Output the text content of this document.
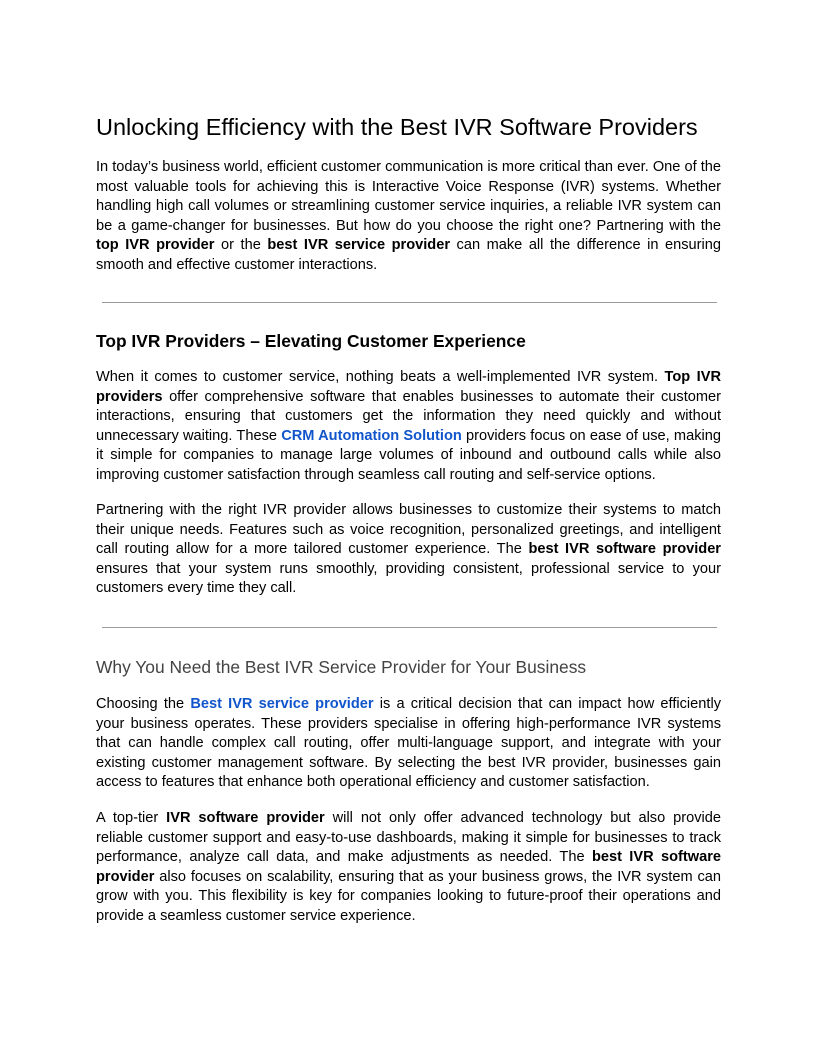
Unlocking Efficiency with the Best IVR Software Providers

In today’s business world, efficient customer communication is more critical than ever. One of the most valuable tools for achieving this is Interactive Voice Response (IVR) systems. Whether handling high call volumes or streamlining customer service inquiries, a reliable IVR system can be a game-changer for businesses. But how do you choose the right one? Partnering with the top IVR provider or the best IVR service provider can make all the difference in ensuring smooth and effective customer interactions.

Top IVR Providers – Elevating Customer Experience

When it comes to customer service, nothing beats a well-implemented IVR system. Top IVR providers offer comprehensive software that enables businesses to automate their customer interactions, ensuring that customers get the information they need quickly and without unnecessary waiting. These CRM Automation Solution providers focus on ease of use, making it simple for companies to manage large volumes of inbound and outbound calls while also improving customer satisfaction through seamless call routing and self-service options.

Partnering with the right IVR provider allows businesses to customize their systems to match their unique needs. Features such as voice recognition, personalized greetings, and intelligent call routing allow for a more tailored customer experience. The best IVR software provider ensures that your system runs smoothly, providing consistent, professional service to your customers every time they call.

Why You Need the Best IVR Service Provider for Your Business

Choosing the Best IVR service provider is a critical decision that can impact how efficiently your business operates. These providers specialise in offering high-performance IVR systems that can handle complex call routing, offer multi-language support, and integrate with your existing customer management software. By selecting the best IVR provider, businesses gain access to features that enhance both operational efficiency and customer satisfaction.

A top-tier IVR software provider will not only offer advanced technology but also provide reliable customer support and easy-to-use dashboards, making it simple for businesses to track performance, analyze call data, and make adjustments as needed. The best IVR software provider also focuses on scalability, ensuring that as your business grows, the IVR system can grow with you. This flexibility is key for companies looking to future-proof their operations and provide a seamless customer service experience.
